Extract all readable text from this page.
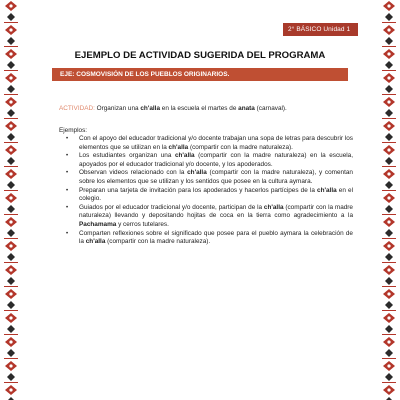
2° BÁSICO Unidad 1
EJEMPLO DE ACTIVIDAD SUGERIDA DEL PROGRAMA
EJE: COSMOVISIÓN DE LOS PUEBLOS ORIGINARIOS.

ACTIVIDAD: Organizan una ch'alla en la escuela el martes de anata (carnaval).

Ejemplos:

• Con el apoyo del educador tradicional y/o docente trabajan una sopa de letras para descubrir los elementos que se utilizan en la ch'alla (compartir con la madre naturaleza).
• Los estudiantes organizan una ch'alla (compartir con la madre naturaleza) en la escuela, apoyados por el educador tradicional y/o docente, y los apoderados.
• Observan videos relacionado con la ch'alla (compartir con la madre naturaleza), y comentan sobre los elementos que se utilizan y los sentidos que posee en la cultura aymara.
• Preparan una tarjeta de invitación para los apoderados y hacerlos partícipes de la ch'alla en el colegio.
• Guiados por el educador tradicional y/o docente, participan de la ch'alla (compartir con la madre naturaleza) llevando y depositando hojitas de coca en la tierra como agradecimiento a la Pachamama y cerros tutelares.
• Comparten reflexiones sobre el significado que posee para el pueblo aymara la celebración de la ch'alla (compartir con la madre naturaleza).
